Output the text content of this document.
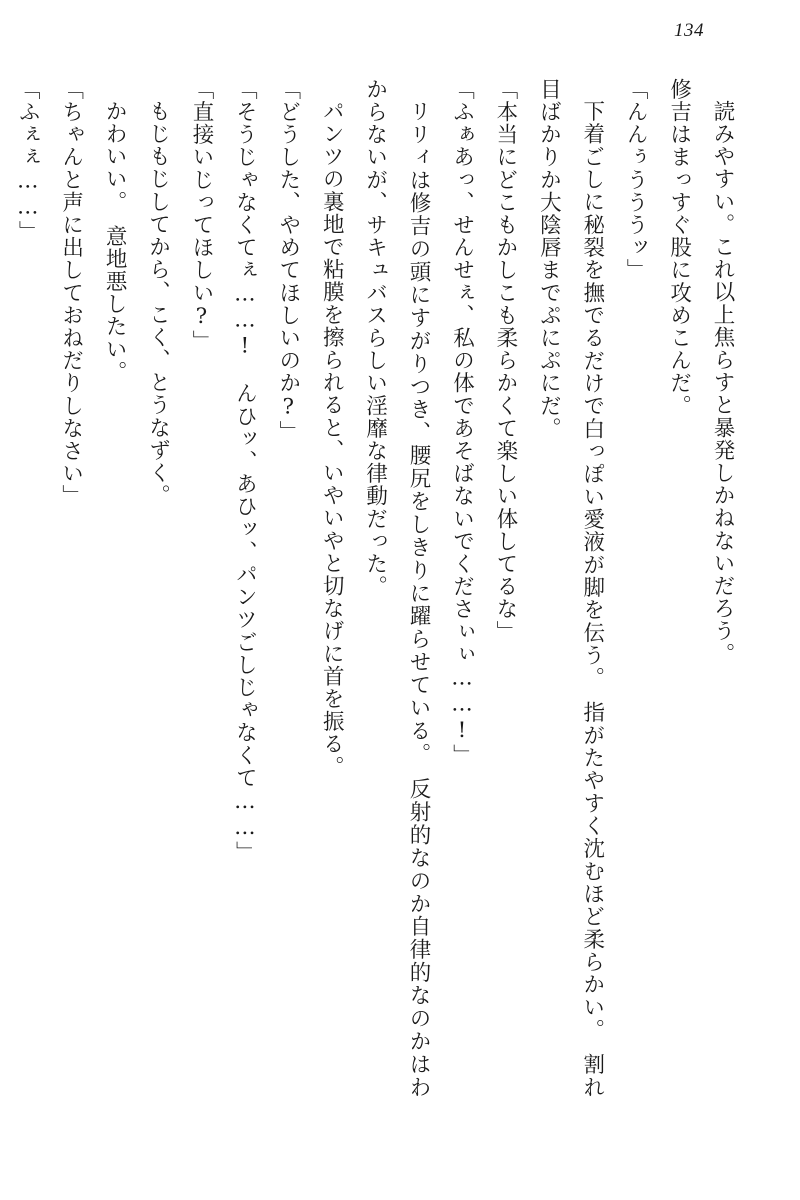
134

読みやすい。これ以上焦らすと暴発しかねないだろう。

修吉はまっすぐ股に攻めこんだ。

「んんぅうううッ」

下着ごしに秘裂を撫でるだけで白っぽい愛液が脚を伝う。　指がたやすく沈むほど柔らかい。　割れ目ばかりか大陰唇までぷにぷにだ。

「本当にどこもかしこも柔らかくて楽しい体してるな」

「ふぁあっ、せんせぇ、私の体であそばないでくださぃぃ……!」

リリィは修吉の頭にすがりつき、腰尻をしきりに躍らせている。　反射的なのか自律的なのかはわからないが、サキュバスらしい淫靡な律動だった。

パンツの裏地で粘膜を擦られると、いやいやと切なげに首を振る。

「どうした、やめてほしいのか?」

「そうじゃなくてぇ……!　んひッ、あひッ、パンツごしじゃなくて……」

「直接いじってほしい?」

もじもじしてから、こく、とうなずく。

かわいい。　意地悪したい。

「ちゃんと声に出しておねだりしなさい」

「ふぇぇ……」
